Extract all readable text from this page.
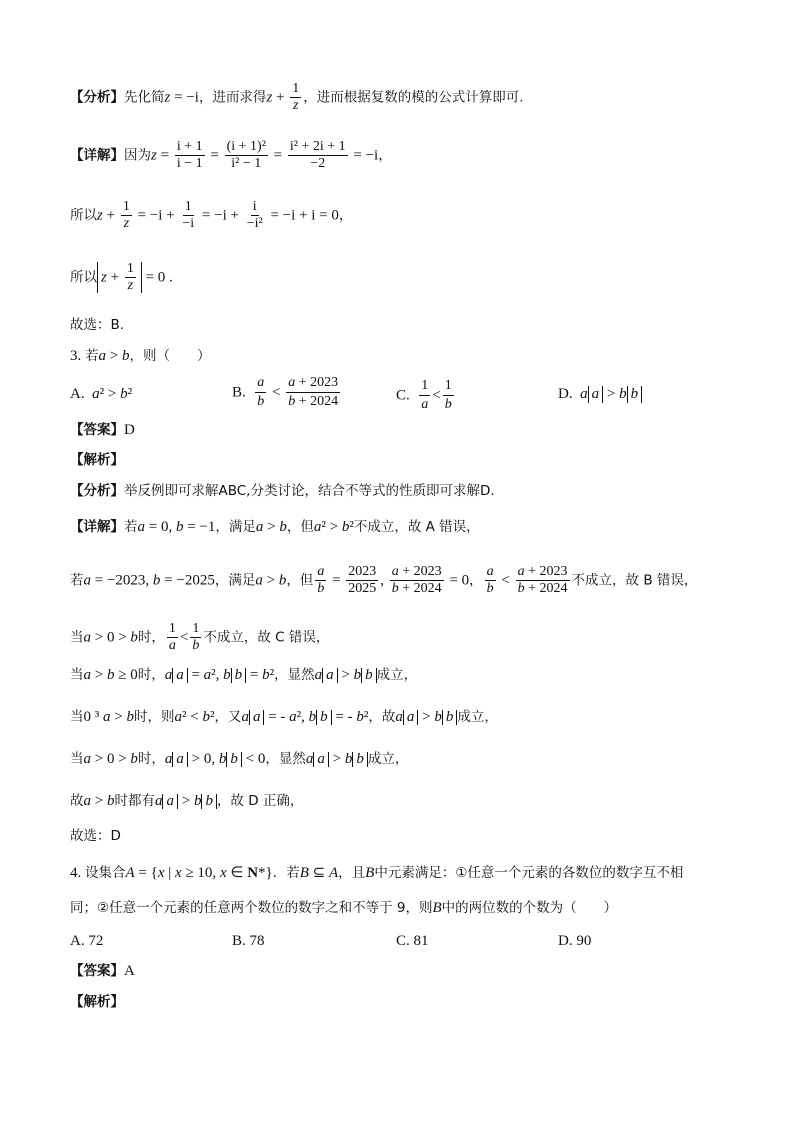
【分析】先化简z = −i，进而求得$z + \frac{1}{z}$ ，进而根据复数的模的公式计算即可.
【详解】因为$z = \frac{i + 1}{i - 1} = \frac{\text{(i + 1)²}}{\text{i² − 1}} = \frac{\text{i² + 2i + 1}}{-2} = -i$，
所以$z + \frac{1}{z} = -i + \frac{1}{-i} = -i + \frac{i}{\text{−i²}} = -i + i = 0$，
所以 $z + \frac{1}{z} = 0$ .
故选：B.
3. 若a > b，则（　　）
A.  a² > b²	B. $\frac{a}{b} < \frac{a + 2023}{b + 2024}$	C. $\frac{1}{a} < \frac{1}{b}$	D.  a a > b b
【答案】D
【解析】
【分析】举反例即可求解ABC,分类讨论，结合不等式的性质即可求解D.
【详解】若a = 0, b = −1，满足a > b，但a² > b²不成立，故 A 错误，
若a = −2023, b = −2025，满足a > b，但 $\frac{a}{b} = \frac{2023}{2025}$ , $\frac{a + 2023}{b + 2024} = 0$， $\frac{a}{b} < \frac{a + 2023}{b + 2024}$ 不成立，故 B 错误，
当a > 0 > b时， $\frac{1}{a} < \frac{1}{b}$ 不成立，故 C 错误，
当a > b ≥ 0时，a a = a², b b = b²，显然a a > b b 成立，
当0 ³ a > b时，则a² < b²，又a a = - a², b b = - b²，故a a > b b 成立，
当a > 0 > b时，a a > 0, b b < 0，显然a a > b b 成立，
故a > b时都有a a > b b ，故 D 正确，
故选：D
4. 设集合A = {x | x ≥ 10, x ∈ N*}．若B ⊆ A，且B中元素满足：①任意一个元素的各数位的数字互不相
同；②任意一个元素的任意两个数位的数字之和不等于 9，则B中的两位数的个数为（　　）
A. 72	B. 78	C. 81	D. 90
【答案】A
【解析】
